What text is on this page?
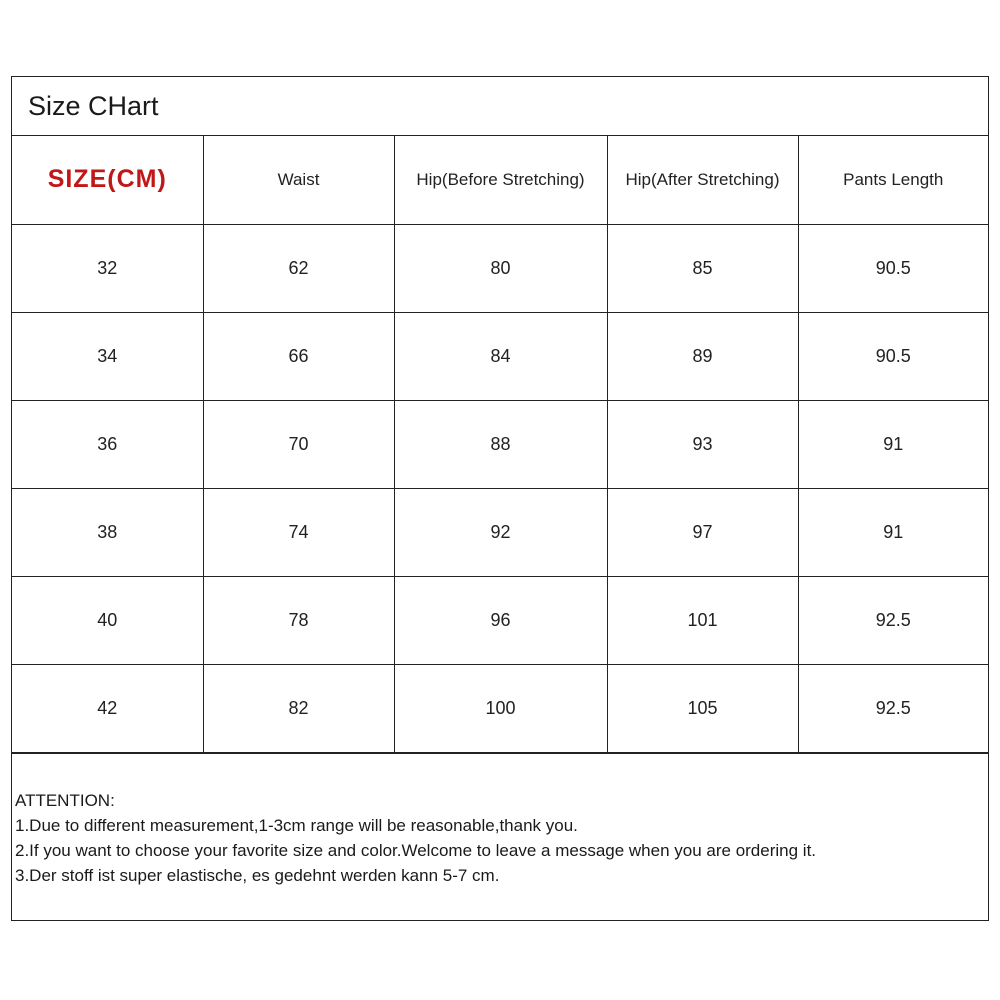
Size CHart
SIZE(CM)	Waist	Hip(Before Stretching)	Hip(After Stretching)	Pants Length
32	62	80	85	90.5
34	66	84	89	90.5
36	70	88	93	91
38	74	92	97	91
40	78	96	101	92.5
42	82	100	105	92.5
ATTENTION:
1.Due to different measurement,1-3cm range will be reasonable,thank you.
2.If you want to choose your favorite size and color.Welcome to leave a message when you are ordering it.
3.Der stoff ist super elastische, es gedehnt werden kann 5-7 cm.
